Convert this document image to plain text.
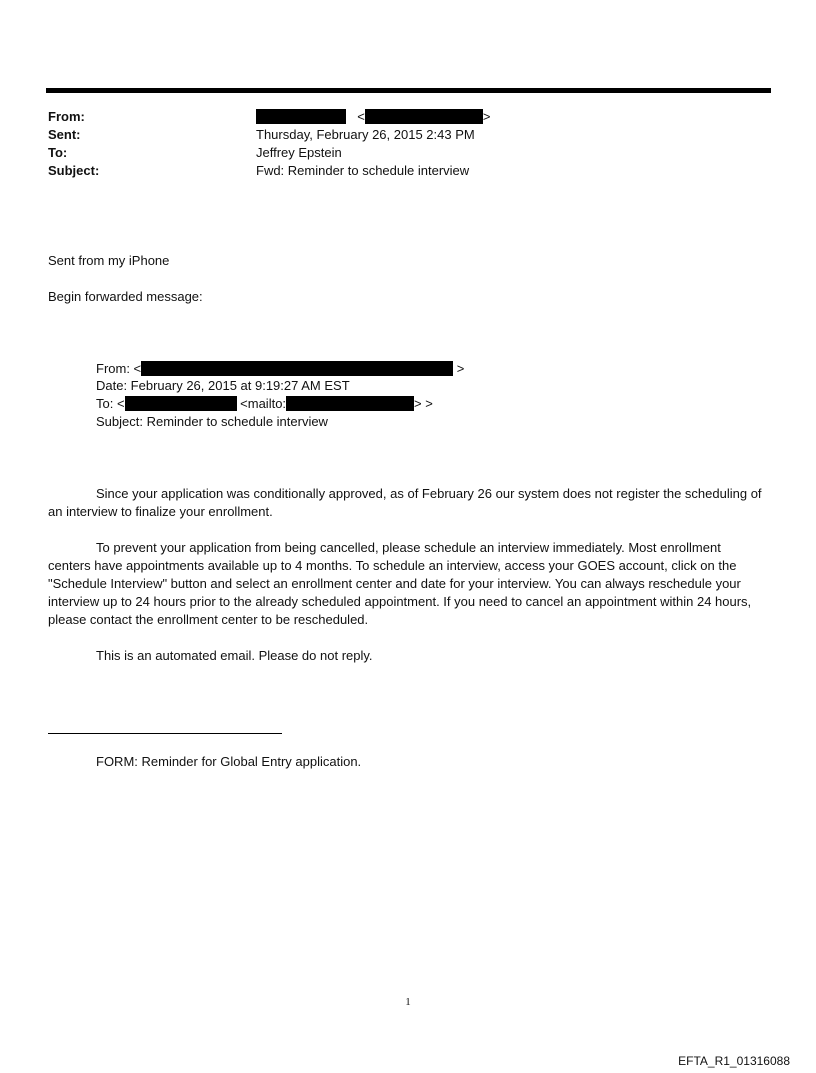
From:	<	>
Sent:	Thursday, February 26, 2015 2:43 PM
To:	Jeffrey Epstein
Subject:	Fwd: Reminder to schedule interview
Sent from my iPhone
Begin forwarded message:
From: <	>
Date: February 26, 2015 at 9:19:27 AM EST
To: <	<mailto:	> >
Subject: Reminder to schedule interview
Since your application was conditionally approved, as of February 26 our system does not register the scheduling of an interview to finalize your enrollment.
To prevent your application from being cancelled, please schedule an interview immediately. Most enrollment centers have appointments available up to 4 months. To schedule an interview, access your GOES account, click on the "Schedule Interview" button and select an enrollment center and date for your interview. You can always reschedule your interview up to 24 hours prior to the already scheduled appointment. If you need to cancel an appointment within 24 hours, please contact the enrollment center to be rescheduled.
This is an automated email. Please do not reply.
FORM: Reminder for Global Entry application.
1
EFTA_R1_01316088
